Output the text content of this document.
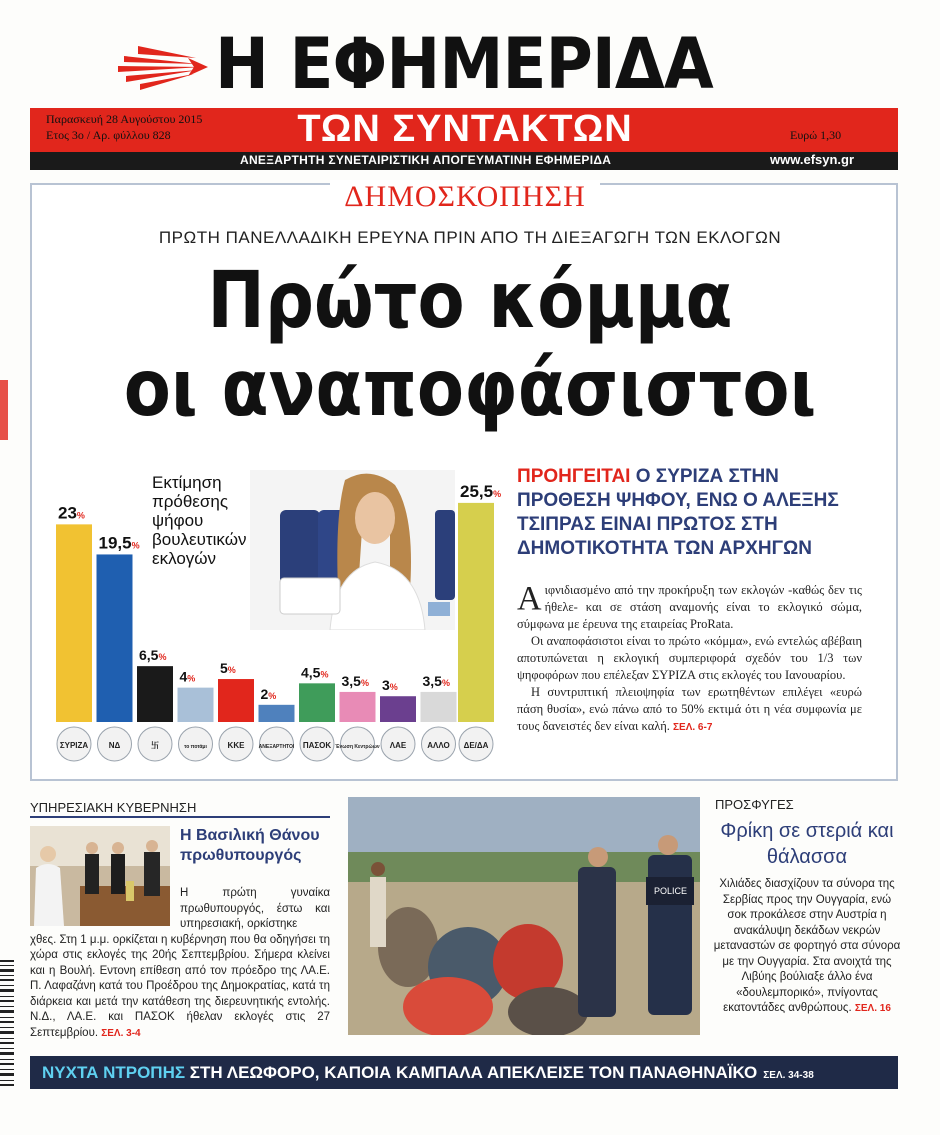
Η ΕΦΗΜΕΡΙΔΑ
Παρασκευή 28 Αυγούστου 2015
Ετος 3ο / Αρ. φύλλου 828	ΤΩΝ ΣΥΝΤΑΚΤΩΝ	Ευρώ 1,30
ΑΝΕΞΑΡΤΗΤΗ ΣΥΝΕΤΑΙΡΙΣΤΙΚΗ ΑΠΟΓΕΥΜΑΤΙΝΗ ΕΦΗΜΕΡΙΔΑ	www.efsyn.gr
ΔΗΜΟΣΚΟΠΗΣΗ
ΠΡΩΤΗ ΠΑΝΕΛΛΑΔΙΚΗ ΕΡΕΥΝΑ ΠΡΙΝ ΑΠΟ ΤΗ ΔΙΕΞΑΓΩΓΗ ΤΩΝ ΕΚΛΟΓΩΝ
Πρώτο κόμμα
οι αναποφάσιστοι
Εκτίμηση πρόθεσης ψήφου βουλευτικών εκλογών
23%
ΣΥΡΙΖΑ
19,5%
ΝΔ
6,5%
卐
4%
το ποτάμι
5%
ΚΚΕ
2%
ΑΝΕΞΑΡΤΗΤΟΙ
4,5%
ΠΑΣΟΚ
3,5%
Ένωση Κεντρώων
3%
ΛΑΕ
3,5%
ΑΛΛΟ
25,5%
ΔΕ/ΔΑ
ΠΡΟΗΓΕΙΤΑΙ Ο ΣΥΡΙΖΑ ΣΤΗΝ ΠΡΟΘΕΣΗ ΨΗΦΟΥ, ΕΝΩ Ο ΑΛΕΞΗΣ ΤΣΙΠΡΑΣ ΕΙΝΑΙ ΠΡΩΤΟΣ ΣΤΗ ΔΗΜΟΤΙΚΟΤΗΤΑ ΤΩΝ ΑΡΧΗΓΩΝ

Αιφνιδιασμένο από την προκήρυξη των εκλογών -καθώς δεν τις ήθελε- και σε στάση αναμονής είναι το εκλογικό σώμα, σύμφωνα με έρευνα της εταιρείας ProRata.

Οι αναποφάσιστοι είναι το πρώτο «κόμμα», ενώ εντελώς αβέβαιη αποτυπώνεται η εκλογική συμπεριφορά σχεδόν του 1/3 των ψηφοφόρων που επέλεξαν ΣΥΡΙΖΑ στις εκλογές του Ιανουαρίου.

Η συντριπτική πλειοψηφία των ερωτηθέντων επιλέγει «ευρώ πάση θυσία», ενώ πάνω από το 50% εκτιμά ότι η νέα συμφωνία με τους δανειστές δεν είναι καλή. ΣΕΛ. 6-7

ΥΠΗΡΕΣΙΑΚΗ ΚΥΒΕΡΝΗΣΗ
Η Βασιλική Θάνου πρωθυπουργός
Η πρώτη γυναίκα πρωθυπουργός, έστω και υπηρεσιακή, ορκίστηκε
χθες. Στη 1 μ.μ. ορκίζεται η κυβέρνηση που θα οδηγήσει τη χώρα στις εκλογές της 20ής Σεπτεμβρίου. Σήμερα κλείνει και η Βουλή. Εντονη επίθεση από τον πρόεδρο της ΛΑ.Ε. Π. Λαφαζάνη κατά του Προέδρου της Δημοκρατίας, κατά τη διάρκεια και μετά την κατάθεση της διερευνητικής εντολής. Ν.Δ., ΛΑ.Ε. και ΠΑΣΟΚ ήθελαν εκλογές στις 27 Σεπτεμβρίου. ΣΕΛ. 3-4
POLICE
ΠΡΟΣΦΥΓΕΣ
Φρίκη σε στεριά και θάλασσα
Χιλιάδες διασχίζουν τα σύνορα της Σερβίας προς την Ουγγαρία, ενώ σοκ προκάλεσε στην Αυστρία η ανακάλυψη δεκάδων νεκρών μεταναστών σε φορτηγό στα σύνορα με την Ουγγαρία. Στα ανοιχτά της Λιβύης βούλιαξε άλλο ένα «δουλεμπορικό», πνίγοντας εκατοντάδες ανθρώπους. ΣΕΛ. 16
ΝΥΧΤΑ ΝΤΡΟΠΗΣ ΣΤΗ ΛΕΩΦΟΡΟ, ΚΑΠΟΙΑ ΚΑΜΠΑΛΑ ΑΠΕΚΛΕΙΣΕ ΤΟΝ ΠΑΝΑΘΗΝΑΪΚΟ ΣΕΛ. 34-38
